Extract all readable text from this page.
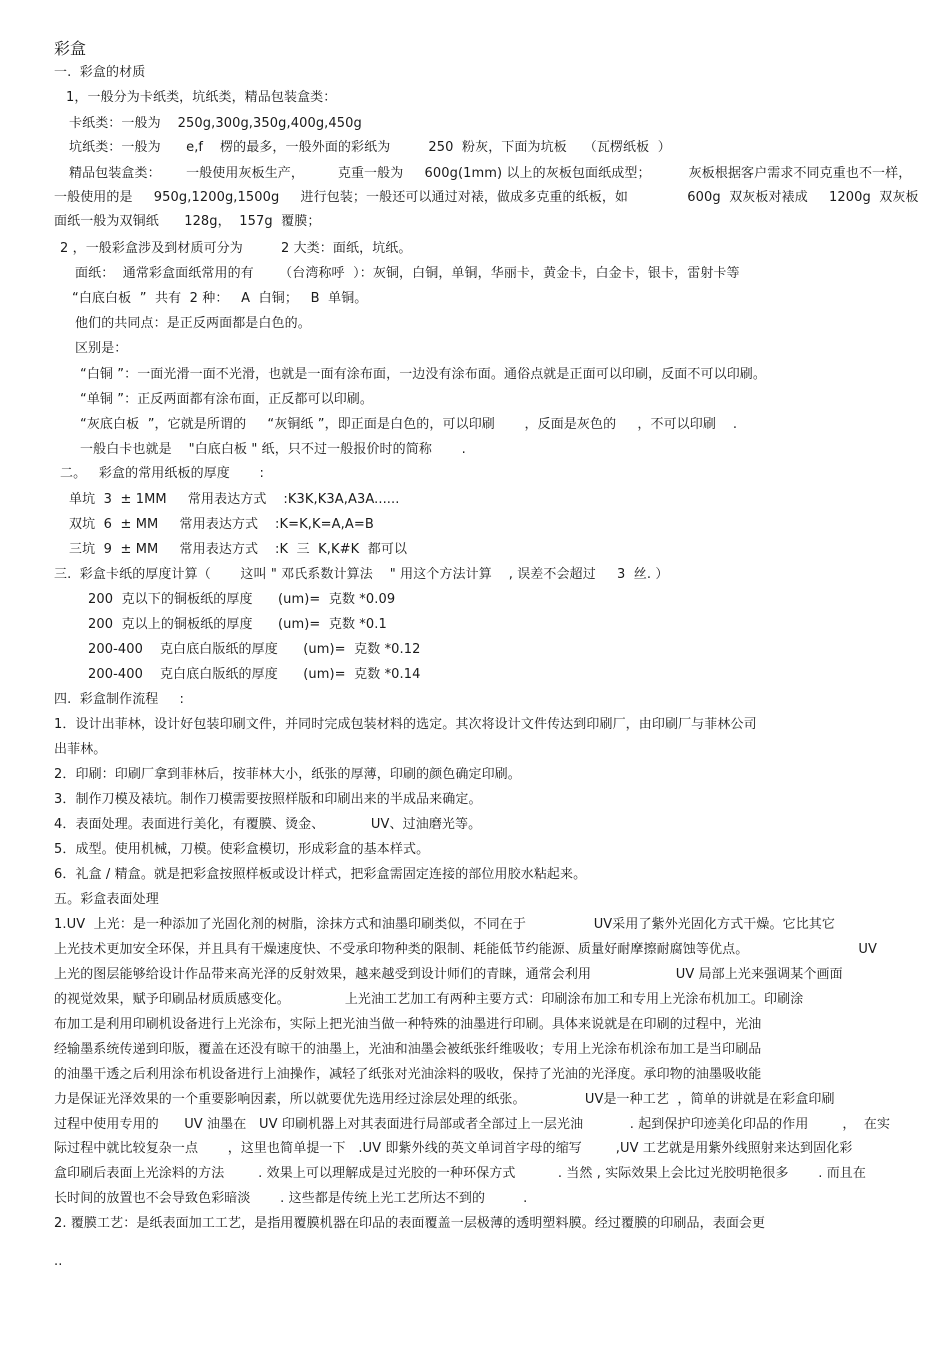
彩盒
一.  彩盒的材质
1，一般分为卡纸类，坑纸类，精品包装盒类：
卡纸类：一般为    250g,300g,350g,400g,450g
坑纸类：一般为      e,f    楞的最多，一般外面的彩纸为         250  粉灰，下面为坑板    （瓦楞纸板  ）
精品包装盒类：      一般使用灰板生产，        克重一般为     600g(1mm) 以上的灰板包面纸成型；         灰板根据客户需求不同克重也不一样，
一般使用的是     950g,1200g,1500g     进行包装；一般还可以通过对裱，做成多克重的纸板，如              600g  双灰板对裱成     1200g  双灰板
面纸一般为双铜纸      128g，  157g  覆膜；
2 ，一般彩盒涉及到材质可分为         2 大类：面纸，坑纸。
面纸：  通常彩盒面纸常用的有      （台湾称呼  ）：灰铜，白铜，单铜，华丽卡，黄金卡，白金卡，银卡，雷射卡等
“白底白板  ”  共有  2 种：   A  白铜；   B  单铜。
他们的共同点：是正反两面都是白色的。
区别是：
“白铜 ”：一面光滑一面不光滑，也就是一面有涂布面，一边没有涂布面。通俗点就是正面可以印刷，反面不可以印刷。
“单铜 ”：正反两面都有涂布面，正反都可以印刷。
“灰底白板  ”，它就是所谓的     “灰铜纸 ”，即正面是白色的，可以印刷       ，反面是灰色的     ，不可以印刷    .
一般白卡也就是    "白底白板 " 纸，只不过一般报价时的简称       .
二。   彩盒的常用纸板的厚度       :
单坑  3  ± 1MM     常用表达方式    :K3K,K3A,A3A......
双坑  6  ± MM     常用表达方式    :K=K,K=A,A=B
三坑  9  ± MM     常用表达方式    :K  三  K,K#K  都可以
三.  彩盒卡纸的厚度计算（       这叫 " 邓氏系数计算法    " 用这个方法计算    , 误差不会超过     3  丝. ）
200  克以下的铜板纸的厚度      (um)=  克数 *0.09
200  克以上的铜板纸的厚度      (um)=  克数 *0.1
200-400    克白底白版纸的厚度      (um)=  克数 *0.12
200-400    克白底白版纸的厚度      (um)=  克数 *0.14
四.  彩盒制作流程     :
1．设计出菲林，设计好包装印刷文件，并同时完成包装材料的选定。其次将设计文件传达到印刷厂，由印刷厂与菲林公司
出菲林。
2．印刷：印刷厂拿到菲林后，按菲林大小，纸张的厚薄，印刷的颜色确定印刷。
3．制作刀模及裱坑。制作刀模需要按照样版和印刷出来的半成品来确定。
4．表面处理。表面进行美化，有覆膜、烫金、           UV、过油磨光等。
5．成型。使用机械，刀模。使彩盒模切，形成彩盒的基本样式。
6．礼盒 / 精盒。就是把彩盒按照样板或设计样式，把彩盒需固定连接的部位用胶水粘起来。
五。彩盒表面处理
1.UV  上光：是一种添加了光固化剂的树脂，涂抹方式和油墨印刷类似，不同在于                UV采用了紫外光固化方式干燥。它比其它
上光技术更加安全环保，并且具有干燥速度快、不受承印物种类的限制、耗能低节约能源、质量好耐摩擦耐腐蚀等优点。                          UV
上光的图层能够给设计作品带来高光泽的反射效果，越来越受到设计师们的青睐，通常会利用                    UV 局部上光来强调某个画面
的视觉效果，赋予印刷品材质质感变化。             上光油工艺加工有两种主要方式：印刷涂布加工和专用上光涂布机加工。印刷涂
布加工是利用印刷机设备进行上光涂布，实际上把光油当做一种特殊的油墨进行印刷。具体来说就是在印刷的过程中，光油
经输墨系统传递到印版，覆盖在还没有晾干的油墨上，光油和油墨会被纸张纤维吸收；专用上光涂布机涂布加工是当印刷品
的油墨干透之后利用涂布机设备进行上油操作，减轻了纸张对光油涂料的吸收，保持了光油的光泽度。承印物的油墨吸收能
力是保证光泽效果的一个重要影响因素，所以就要优先选用经过涂层处理的纸张。              UV是一种工艺  ，简单的讲就是在彩盒印刷
过程中使用专用的      UV 油墨在   UV 印刷机器上对其表面进行局部或者全部过上一层光油           . 起到保护印迹美化印品的作用        ，  在实
际过程中就比较复杂一点       ，这里也简单提一下   .UV 即紫外线的英文单词首字母的缩写        ,UV 工艺就是用紫外线照射来达到固化彩
盒印刷后表面上光涂料的方法        . 效果上可以理解成是过光胶的一种环保方式          . 当然 , 实际效果上会比过光胶明艳很多       . 而且在
长时间的放置也不会导致色彩暗淡       . 这些都是传统上光工艺所达不到的         .
2. 覆膜工艺：是纸表面加工工艺，是指用覆膜机器在印品的表面覆盖一层极薄的透明塑料膜。经过覆膜的印刷品，表面会更
..
